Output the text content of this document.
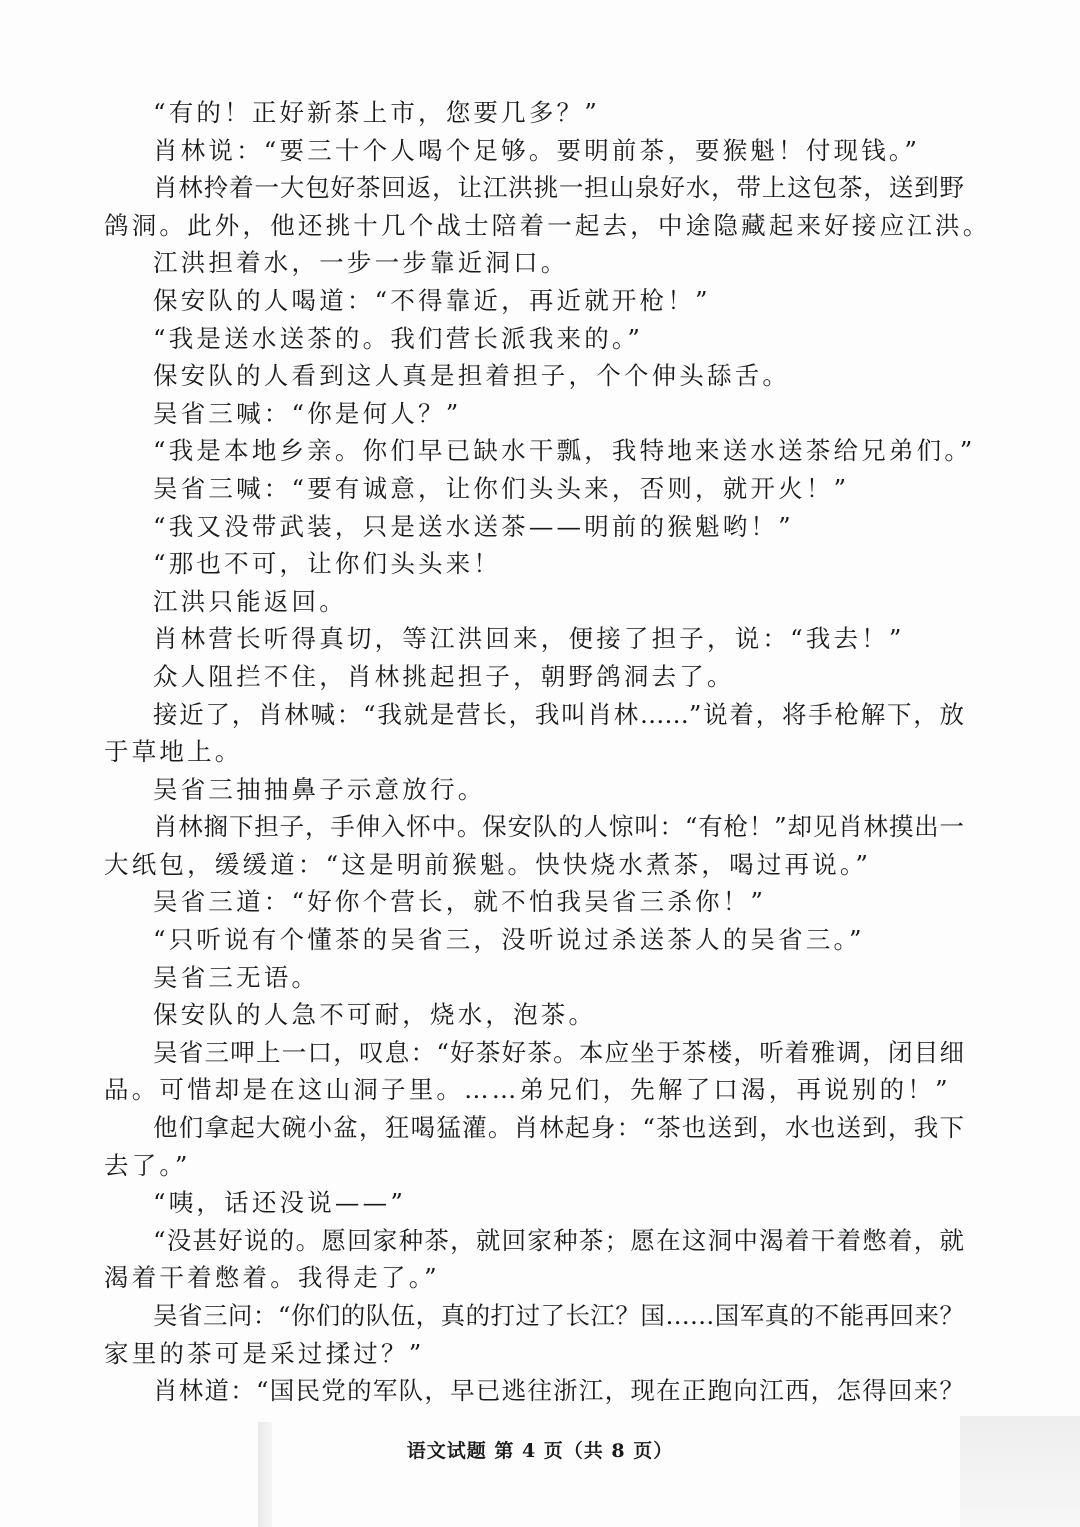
“有的！正好新茶上市，您要几多？”
肖林说：“要三十个人喝个足够。要明前茶，要猴魁！付现钱。”
肖林拎着一大包好茶回返，让江洪挑一担山泉好水，带上这包茶，送到野
鸽洞。此外，他还挑十几个战士陪着一起去，中途隐藏起来好接应江洪。
江洪担着水，一步一步靠近洞口。
保安队的人喝道：“不得靠近，再近就开枪！”
“我是送水送茶的。我们营长派我来的。”
保安队的人看到这人真是担着担子，个个伸头舔舌。
吴省三喊：“你是何人？”
“我是本地乡亲。你们早已缺水干瓢，我特地来送水送茶给兄弟们。”
吴省三喊：“要有诚意，让你们头头来，否则，就开火！”
“我又没带武装，只是送水送茶——明前的猴魁哟！”
“那也不可，让你们头头来！
江洪只能返回。
肖林营长听得真切，等江洪回来，便接了担子，说：“我去！”
众人阻拦不住，肖林挑起担子，朝野鸽洞去了。
接近了，肖林喊：“我就是营长，我叫肖林……”说着，将手枪解下，放
于草地上。
吴省三抽抽鼻子示意放行。
肖林搁下担子，手伸入怀中。保安队的人惊叫：“有枪！”却见肖林摸出一
大纸包，缓缓道：“这是明前猴魁。快快烧水煮茶，喝过再说。”
吴省三道：“好你个营长，就不怕我吴省三杀你！”
“只听说有个懂茶的吴省三，没听说过杀送茶人的吴省三。”
吴省三无语。
保安队的人急不可耐，烧水，泡茶。
吴省三呷上一口，叹息：“好茶好茶。本应坐于茶楼，听着雅调，闭目细
品。可惜却是在这山洞子里。……弟兄们，先解了口渴，再说别的！”
他们拿起大碗小盆，狂喝猛灌。肖林起身：“茶也送到，水也送到，我下
去了。”
“咦，话还没说——”
“没甚好说的。愿回家种茶，就回家种茶；愿在这洞中渴着干着憋着，就
渴着干着憋着。我得走了。”
吴省三问：“你们的队伍，真的打过了长江？国……国军真的不能再回来？
家里的茶可是采过揉过？”
肖林道：“国民党的军队，早已逃往浙江，现在正跑向江西，怎得回来？
语文试题 第 4 页（共 8 页）
